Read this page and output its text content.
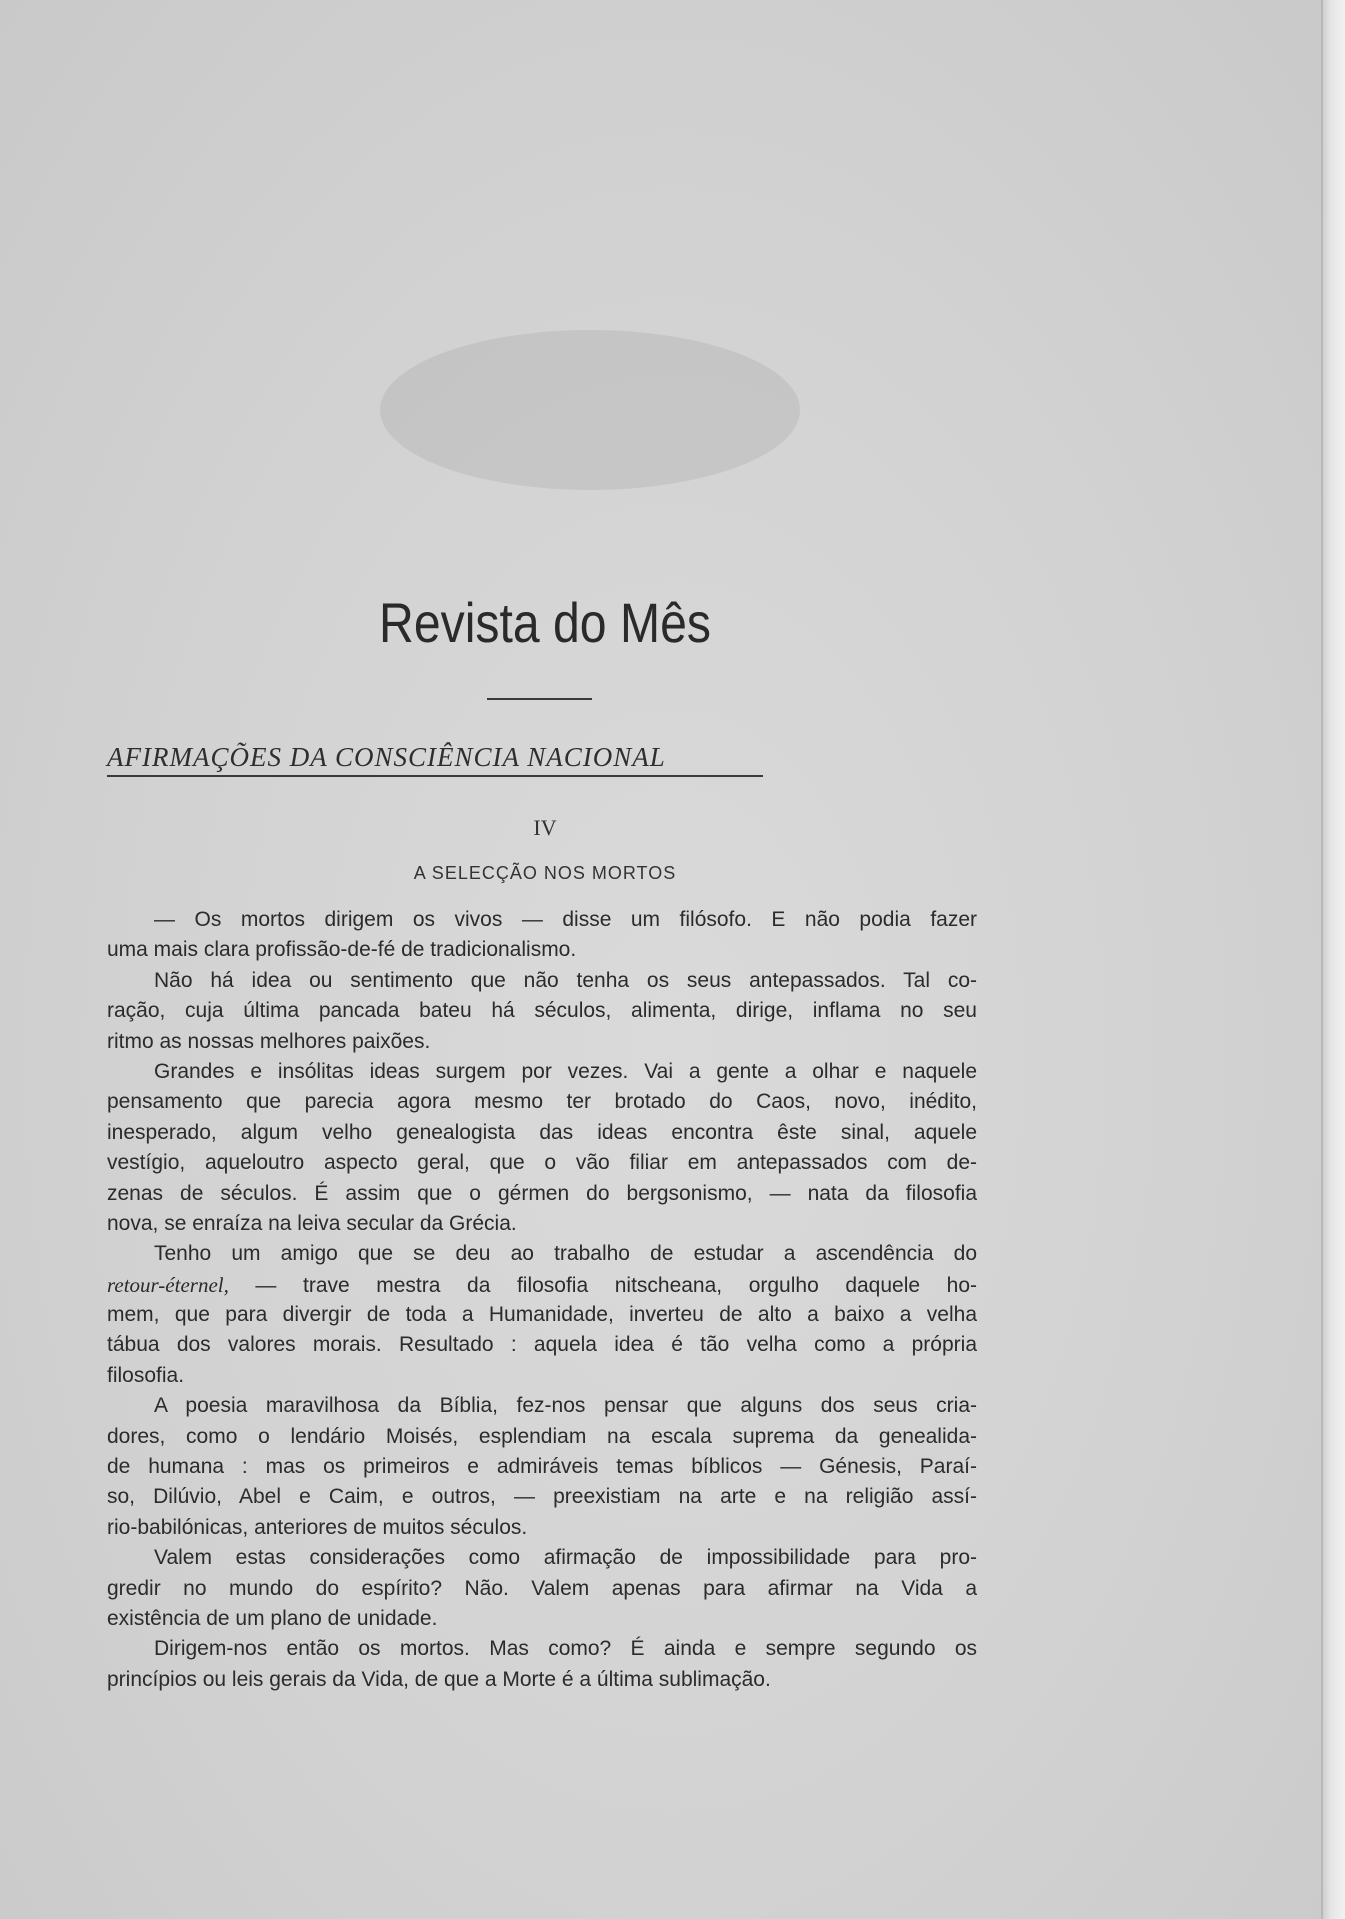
Revista do Mês
AFIRMAÇÕES DA CONSCIÊNCIA NACIONAL
IV
A SELECÇÃO NOS MORTOS
— Os mortos dirigem os vivos — disse um filósofo. E não podia fazer
uma mais clara profissão-de-fé de tradicionalismo.
Não há idea ou sentimento que não tenha os seus antepassados. Tal co-
ração, cuja última pancada bateu há séculos, alimenta, dirige, inflama no seu
ritmo as nossas melhores paixões.
Grandes e insólitas ideas surgem por vezes. Vai a gente a olhar e naquele
pensamento que parecia agora mesmo ter brotado do Caos, novo, inédito,
inesperado, algum velho genealogista das ideas encontra êste sinal, aquele
vestígio, aqueloutro aspecto geral, que o vão filiar em antepassados com de-
zenas de séculos. É assim que o gérmen do bergsonismo, — nata da filosofia
nova, se enraíza na leiva secular da Grécia.
Tenho um amigo que se deu ao trabalho de estudar a ascendência do
retour-éternel, — trave mestra da filosofia nitscheana, orgulho daquele ho-
mem, que para divergir de toda a Humanidade, inverteu de alto a baixo a velha
tábua dos valores morais. Resultado : aquela idea é tão velha como a própria
filosofia.
A poesia maravilhosa da Bíblia, fez-nos pensar que alguns dos seus cria-
dores, como o lendário Moisés, esplendiam na escala suprema da genealida-
de humana : mas os primeiros e admiráveis temas bíblicos — Génesis, Paraí-
so, Dilúvio, Abel e Caim, e outros, — preexistiam na arte e na religião assí-
rio-babilónicas, anteriores de muitos séculos.
Valem estas considerações como afirmação de impossibilidade para pro-
gredir no mundo do espírito? Não. Valem apenas para afirmar na Vida a
existência de um plano de unidade.
Dirigem-nos então os mortos. Mas como? É ainda e sempre segundo os
princípios ou leis gerais da Vida, de que a Morte é a última sublimação.
